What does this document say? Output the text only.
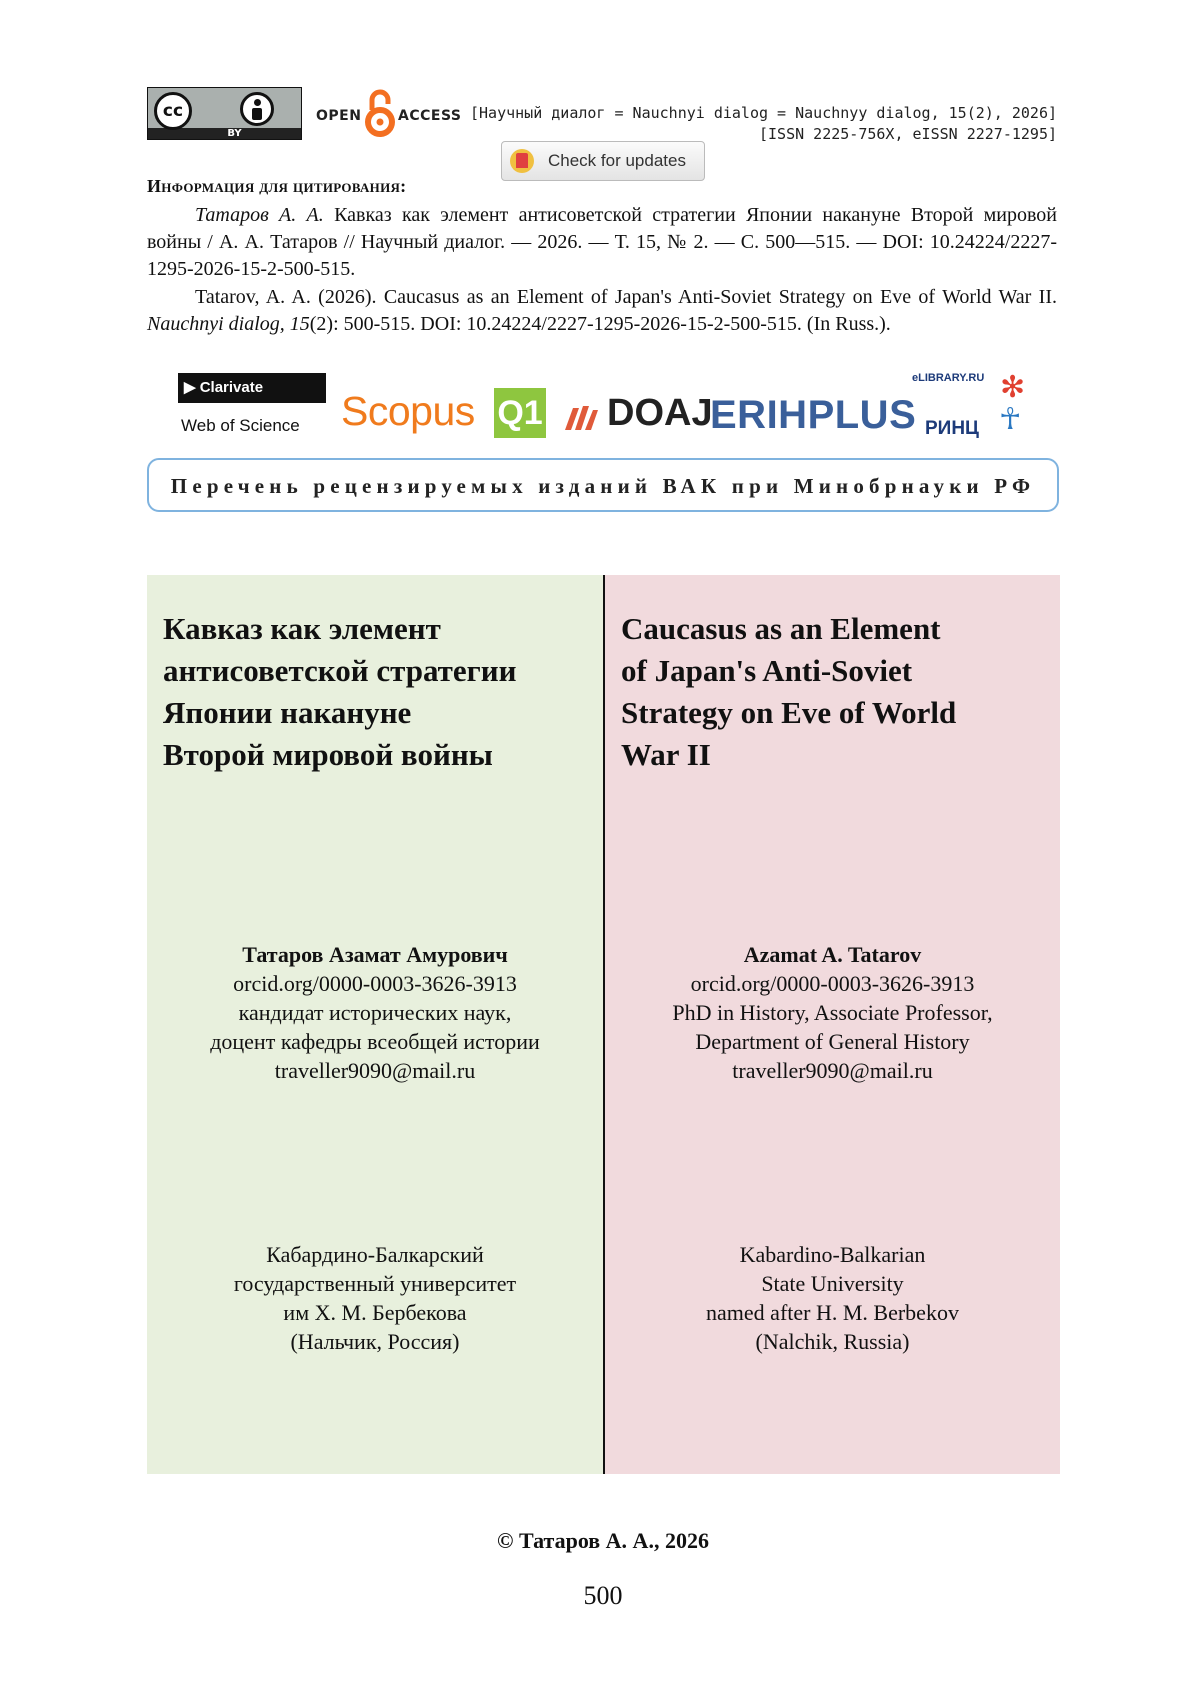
cc
BY
OPEN	ACCESS [Научный диалог = Nauchnyi dialog = Nauchnyy dialog, 15(2), 2026]
[ISSN 2225-756X, eISSN 2227-1295]
Check for updates
Информация для цитирования:
Татаров А. А. Кавказ как элемент антисоветской стратегии Японии накануне Второй мировой войны / А. А. Татаров // Научный диалог. — 2026. — Т. 15, № 2. — С. 500—515. — DOI: 10.24224/2227-1295-2026-15-2-500-515.
Tatarov, A. A. (2026). Caucasus as an Element of Japan's Anti-Soviet Strategy on Eve of World War II. Nauchnyi dialog, 15(2): 500-515. DOI: 10.24224/2227-1295-2026-15-2-500-515. (In Russ.).
▶ Clarivate
Web of Science Scopus Q1	DOAJ
ERIHPLUS
eLIBRARY.RU
РИНЦ
✻
☥
Перечень рецензируемых изданий ВАК при Минобрнауки РФ
Кавказ как элемент
антисоветской стратегии
Японии накануне
Второй мировой войны
Caucasus as an Element
of Japan's Anti-Soviet
Strategy on Eve of World
War II
Татаров Азамат Амурович
orcid.org/0000-0003-3626-3913
кандидат исторических наук,
доцент кафедры всеобщей истории
traveller9090@mail.ru
Azamat A. Tatarov
orcid.org/0000-0003-3626-3913
PhD in History, Associate Professor,
Department of General History
traveller9090@mail.ru
Кабардино-Балкарский
государственный университет
им Х. М. Бербекова
(Нальчик, Россия)
Kabardino-Balkarian
State University
named after H. M. Berbekov
(Nalchik, Russia)
© Татаров А. А., 2026
500
